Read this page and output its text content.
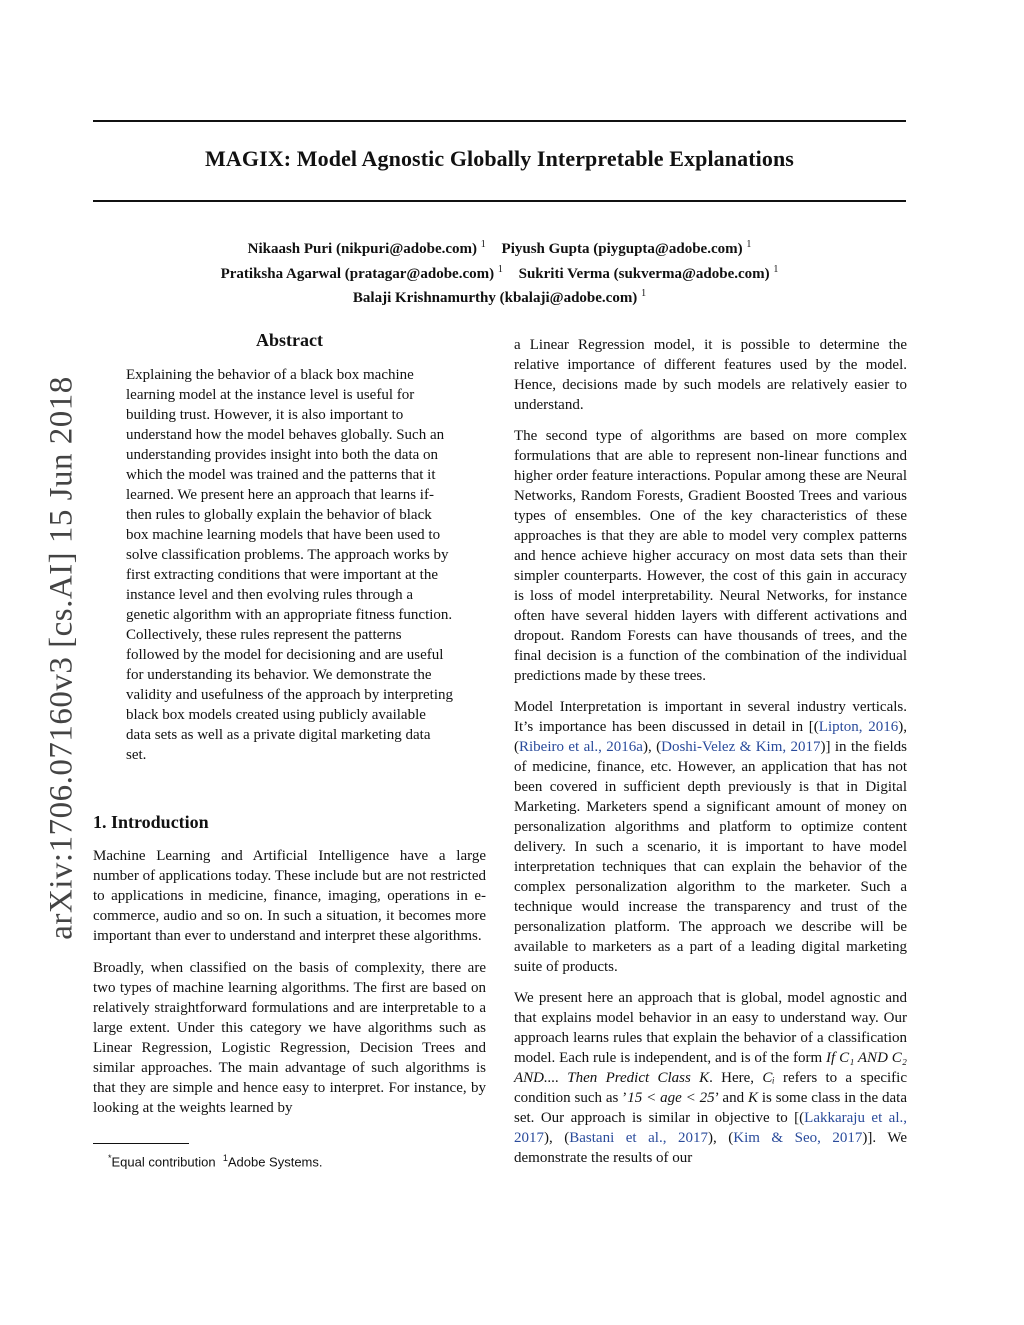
MAGIX: Model Agnostic Globally Interpretable Explanations
Nikaash Puri (nikpuri@adobe.com) $^1$ Piyush Gupta (piygupta@adobe.com) $^1$
Pratiksha Agarwal (pratagar@adobe.com) $^1$ Sukriti Verma (sukverma@adobe.com) $^1$
Balaji Krishnamurthy (kbalaji@adobe.com) $^1$
arXiv:1706.07160v3 [cs.AI] 15 Jun 2018
Abstract

Explaining the behavior of a black box machine learning model at the instance level is useful for building trust. However, it is also important to understand how the model behaves globally. Such an understanding provides insight into both the data on which the model was trained and the patterns that it learned. We present here an approach that learns if-then rules to globally explain the behavior of black box machine learning models that have been used to solve classification problems. The approach works by first extracting conditions that were important at the instance level and then evolving rules through a genetic algorithm with an appropriate fitness function. Collectively, these rules represent the patterns followed by the model for decisioning and are useful for understanding its behavior. We demonstrate the validity and usefulness of the approach by interpreting black box models created using publicly available data sets as well as a private digital marketing data set.

1. Introduction

Machine Learning and Artificial Intelligence have a large number of applications today. These include but are not restricted to applications in medicine, finance, imaging, operations in e-commerce, audio and so on. In such a situation, it becomes more important than ever to understand and interpret these algorithms.

Broadly, when classified on the basis of complexity, there are two types of machine learning algorithms. The first are based on relatively straightforward formulations and are interpretable to a large extent. Under this category we have algorithms such as Linear Regression, Logistic Regression, Decision Trees and similar approaches. The main advantage of such algorithms is that they are simple and hence easy to interpret. For instance, by looking at the weights learned by

*Equal contribution $^1$Adobe Systems.

a Linear Regression model, it is possible to determine the relative importance of different features used by the model. Hence, decisions made by such models are relatively easier to understand.

The second type of algorithms are based on more complex formulations that are able to represent non-linear functions and higher order feature interactions. Popular among these are Neural Networks, Random Forests, Gradient Boosted Trees and various types of ensembles. One of the key characteristics of these approaches is that they are able to model very complex patterns and hence achieve higher accuracy on most data sets than their simpler counterparts. However, the cost of this gain in accuracy is loss of model interpretability. Neural Networks, for instance often have several hidden layers with different activations and dropout. Random Forests can have thousands of trees, and the final decision is a function of the combination of the individual predictions made by these trees.

Model Interpretation is important in several industry verticals. It’s importance has been discussed in detail in [(Lipton, 2016), (Ribeiro et al., 2016a), (Doshi-Velez & Kim, 2017)] in the fields of medicine, finance, etc. However, an application that has not been covered in sufficient depth previously is that in Digital Marketing. Marketers spend a significant amount of money on personalization algorithms and platform to optimize content delivery. In such a scenario, it is important to have model interpretation techniques that can explain the behavior of the complex personalization algorithm to the marketer. Such a technique would increase the transparency and trust of the personalization platform. The approach we describe will be available to marketers as a part of a leading digital marketing suite of products.

We present here an approach that is global, model agnostic and that explains model behavior in an easy to understand way. Our approach learns rules that explain the behavior of a classification model. Each rule is independent, and is of the form If C₁ AND C₂ AND.... Then Predict Class K. Here, Cᵢ refers to a specific condition such as ’15 < age < 25’ and K is some class in the data set. Our approach is similar in objective to [(Lakkaraju et al., 2017), (Bastani et al., 2017), (Kim & Seo, 2017)]. We demonstrate the results of our
